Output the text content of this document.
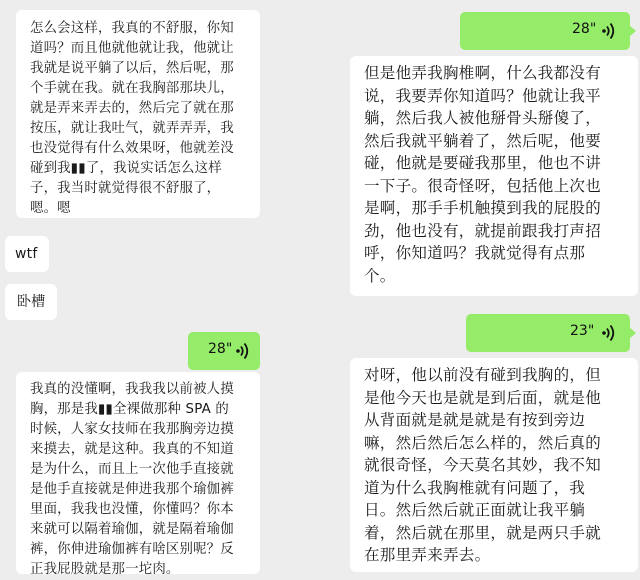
怎么会这样，我真的不舒服，你知
道吗？而且他就他就让我，他就让
我就是说平躺了以后，然后呢，那
个手就在我。就在我胸部那块儿，
就是弄来弄去的，然后完了就在那
按压，就让我吐气，就弄弄弄，我
也没觉得有什么效果呀，他就差没
碰到我▮▮了，我说实话怎么这样
子，我当时就觉得很不舒服了，
嗯。嗯
wtf
卧槽
28"
我真的没懂啊，我我我以前被人摸
胸，那是我▮▮全裸做那种 SPA 的
时候，人家女技师在我那胸旁边摸
来摸去，就是这种。我真的不知道
是为什么，而且上一次他手直接就
是他手直接就是伸进我那个瑜伽裤
里面，我我也没懂，你懂吗？你本
来就可以隔着瑜伽，就是隔着瑜伽
裤，你伸进瑜伽裤有啥区别呢？反
正我屁股就是那一坨肉。
28"
但是他弄我胸椎啊，什么我都没有
说，我要弄你知道吗？他就让我平
躺，然后我人被他掰骨头掰傻了，
然后我就平躺着了，然后呢，他要
碰，他就是要碰我那里，他也不讲
一下子。很奇怪呀，包括他上次也
是啊，那手手机触摸到我的屁股的
劲，他也没有，就提前跟我打声招
呼，你知道吗？我就觉得有点那
个。
23"
对呀，他以前没有碰到我胸的，但
是他今天也是就是到后面，就是他
从背面就是就是就是有按到旁边
嘛，然后然后怎么样的，然后真的
就很奇怪，今天莫名其妙，我不知
道为什么我胸椎就有问题了，我
日。然后然后就正面就让我平躺
着，然后就在那里，就是两只手就
在那里弄来弄去。
